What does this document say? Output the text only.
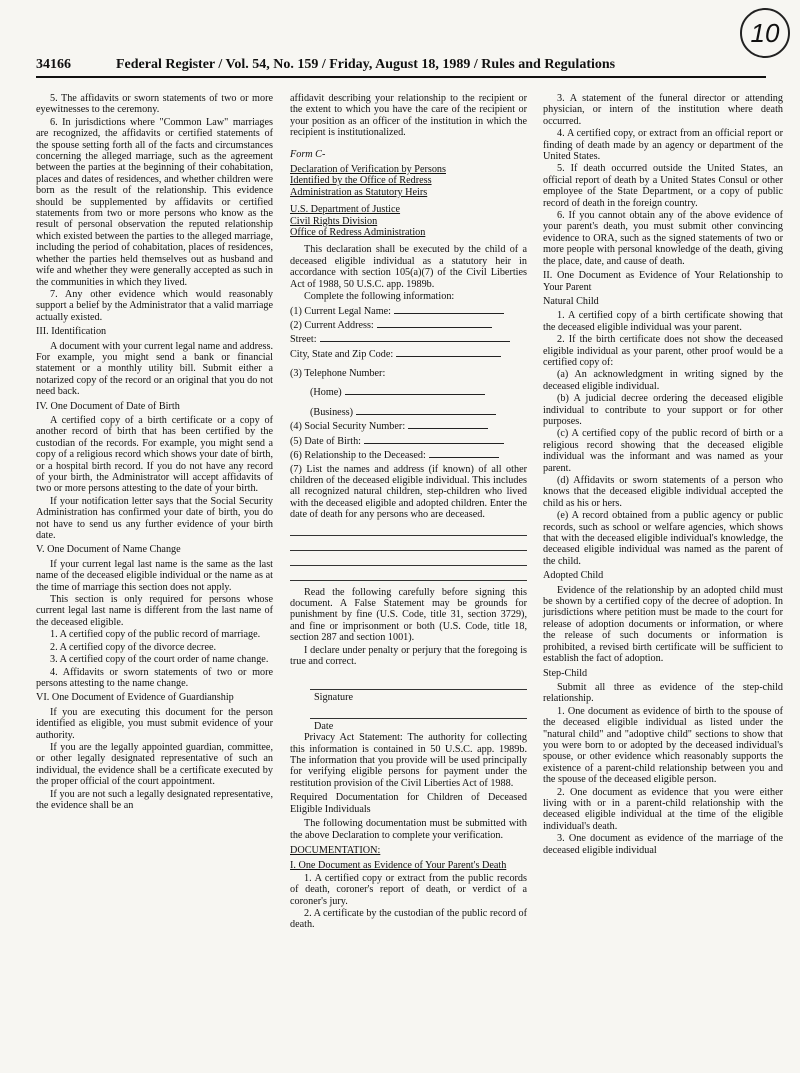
10
34166	Federal Register / Vol. 54, No. 159 / Friday, August 18, 1989 / Rules and Regulations

5. The affidavits or sworn statements of two or more eyewitnesses to the ceremony.

6. In jurisdictions where "Common Law" marriages are recognized, the affidavits or certified statements of the spouse setting forth all of the facts and circumstances concerning the alleged marriage, such as the agreement between the parties at the beginning of their cohabitation, places and dates of residences, and whether children were born as the result of the relationship. This evidence should be supplemented by affidavits or certified statements from two or more persons who know as the result of personal observation the reputed relationship which existed between the parties to the alleged marriage, including the period of cohabitation, places of residences, whether the parties held themselves out as husband and wife and whether they were generally accepted as such in the communities in which they lived.

7. Any other evidence which would reasonably support a belief by the Administrator that a valid marriage actually existed.

III. Identification

A document with your current legal name and address. For example, you might send a bank or financial statement or a monthly utility bill. Submit either a notarized copy of the record or an original that you do not need back.

IV. One Document of Date of Birth

A certified copy of a birth certificate or a copy of another record of birth that has been certified by the custodian of the records. For example, you might send a copy of a religious record which shows your date of birth, or a hospital birth record. If you do not have any record of your birth, the Administrator will accept affidavits of two or more persons attesting to the date of your birth.

If your notification letter says that the Social Security Administration has confirmed your date of birth, you do not have to send us any further evidence of your birth date.

V. One Document of Name Change

If your current legal last name is the same as the last name of the deceased eligible individual or the name as at the time of marriage this section does not apply.

This section is only required for persons whose current legal last name is different from the last name of the deceased eligible.

1. A certified copy of the public record of marriage.

2. A certified copy of the divorce decree.

3. A certified copy of the court order of name change.

4. Affidavits or sworn statements of two or more persons attesting to the name change.

VI. One Document of Evidence of Guardianship

If you are executing this document for the person identified as eligible, you must submit evidence of your authority.

If you are the legally appointed guardian, committee, or other legally designated representative of such an individual, the evidence shall be a certificate executed by the proper official of the court appointment.

If you are not such a legally designated representative, the evidence shall be an

affidavit describing your relationship to the recipient or the extent to which you have the care of the recipient or your position as an officer of the institution in which the recipient is institutionalized.

Form C-

Declaration of Verification by Persons
Identified by the Office of Redress
Administration as Statutory Heirs
U.S. Department of Justice
Civil Rights Division
Office of Redress Administration

This declaration shall be executed by the child of a deceased eligible individual as a statutory heir in accordance with section 105(a)(7) of the Civil Liberties Act of 1988, 50 U.S.C. app. 1989b.

Complete the following information:

(1) Current Legal Name:
(2) Current Address:
Street:
City, State and Zip Code:
(3) Telephone Number:
(Home)
(Business)
(4) Social Security Number:
(5) Date of Birth:
(6) Relationship to the Deceased:

(7) List the names and address (if known) of all other children of the deceased eligible individual. This includes all recognized natural children, step-children who lived with the deceased eligible and adopted children. Enter the date of death for any persons who are deceased.

Read the following carefully before signing this document. A False Statement may be grounds for punishment by fine (U.S. Code, title 31, section 3729), and fine or imprisonment or both (U.S. Code, title 18, section 287 and section 1001).

I declare under penalty or perjury that the foregoing is true and correct.

Signature
Date

Privacy Act Statement: The authority for collecting this information is contained in 50 U.S.C. app. 1989b. The information that you provide will be used principally for verifying eligible persons for payment under the restitution provision of the Civil Liberties Act of 1988.

Required Documentation for Children of Deceased Eligible Individuals

The following documentation must be submitted with the above Declaration to complete your verification.

DOCUMENTATION:

I. One Document as Evidence of Your Parent's Death

1. A certified copy or extract from the public records of death, coroner's report of death, or verdict of a coroner's jury.

2. A certificate by the custodian of the public record of death.

3. A statement of the funeral director or attending physician, or intern of the institution where death occurred.

4. A certified copy, or extract from an official report or finding of death made by an agency or department of the United States.

5. If death occurred outside the United States, an official report of death by a United States Consul or other employee of the State Department, or a copy of public record of death in the foreign country.

6. If you cannot obtain any of the above evidence of your parent's death, you must submit other convincing evidence to ORA, such as the signed statements of two or more people with personal knowledge of the death, giving the place, date, and cause of death.

II. One Document as Evidence of Your Relationship to Your Parent

Natural Child

1. A certified copy of a birth certificate showing that the deceased eligible individual was your parent.

2. If the birth certificate does not show the deceased eligible individual as your parent, other proof would be a certified copy of:

(a) An acknowledgment in writing signed by the deceased eligible individual.

(b) A judicial decree ordering the deceased eligible individual to contribute to your support or for other purposes.

(c) A certified copy of the public record of birth or a religious record showing that the deceased eligible individual was the informant and was named as your parent.

(d) Affidavits or sworn statements of a person who knows that the deceased eligible individual accepted the child as his or hers.

(e) A record obtained from a public agency or public records, such as school or welfare agencies, which shows that with the deceased eligible individual's knowledge, the deceased eligible individual was named as the parent of the child.

Adopted Child

Evidence of the relationship by an adopted child must be shown by a certified copy of the decree of adoption. In jurisdictions where petition must be made to the court for release of adoption documents or information, or where the release of such documents or information is prohibited, a revised birth certificate will be sufficient to establish the fact of adoption.

Step-Child

Submit all three as evidence of the step-child relationship.

1. One document as evidence of birth to the spouse of the deceased eligible individual as listed under the "natural child" and "adoptive child" sections to show that you were born to or adopted by the deceased individual's spouse, or other evidence which reasonably supports the existence of a parent-child relationship between you and the spouse of the deceased eligible person.

2. One document as evidence that you were either living with or in a parent-child relationship with the deceased eligible individual at the time of the eligible individual's death.

3. One document as evidence of the marriage of the deceased eligible individual
